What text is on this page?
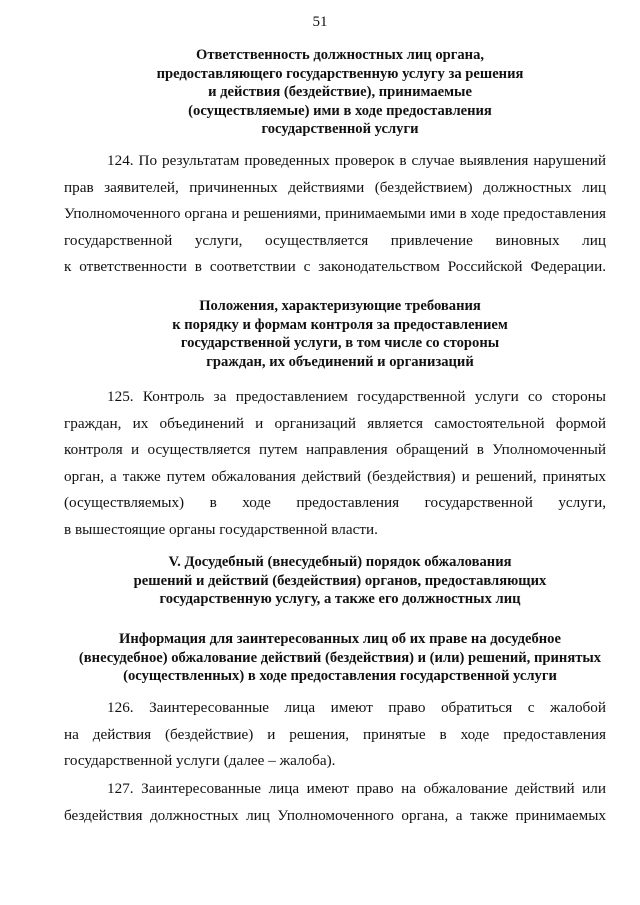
51
Ответственность должностных лиц органа,
предоставляющего государственную услугу за решения
и действия (бездействие), принимаемые
(осуществляемые) ими в ходе предоставления
государственной услуги
124. По результатам проведенных проверок в случае выявления нарушений
прав заявителей, причиненных действиями (бездействием) должностных лиц
Уполномоченного органа и решениями, принимаемыми ими в ходе предоставления
государственной услуги, осуществляется привлечение виновных лиц
к ответственности в соответствии с законодательством Российской Федерации.
Положения, характеризующие требования
к порядку и формам контроля за предоставлением
государственной услуги, в том числе со стороны
граждан, их объединений и организаций
125. Контроль за предоставлением государственной услуги со стороны
граждан, их объединений и организаций является самостоятельной формой
контроля и осуществляется путем направления обращений в Уполномоченный
орган, а также путем обжалования действий (бездействия) и решений, принятых
(осуществляемых) в ходе предоставления государственной услуги,
в вышестоящие органы государственной власти.
V. Досудебный (внесудебный) порядок обжалования
решений и действий (бездействия) органов, предоставляющих
государственную услугу, а также его должностных лиц
Информация для заинтересованных лиц об их праве на досудебное
(внесудебное) обжалование действий (бездействия) и (или) решений, принятых
(осуществленных) в ходе предоставления государственной услуги
126. Заинтересованные лица имеют право обратиться с жалобой
на действия (бездействие) и решения, принятые в ходе предоставления
государственной услуги (далее – жалоба).
127. Заинтересованные лица имеют право на обжалование действий или
бездействия должностных лиц Уполномоченного органа, а также принимаемых
